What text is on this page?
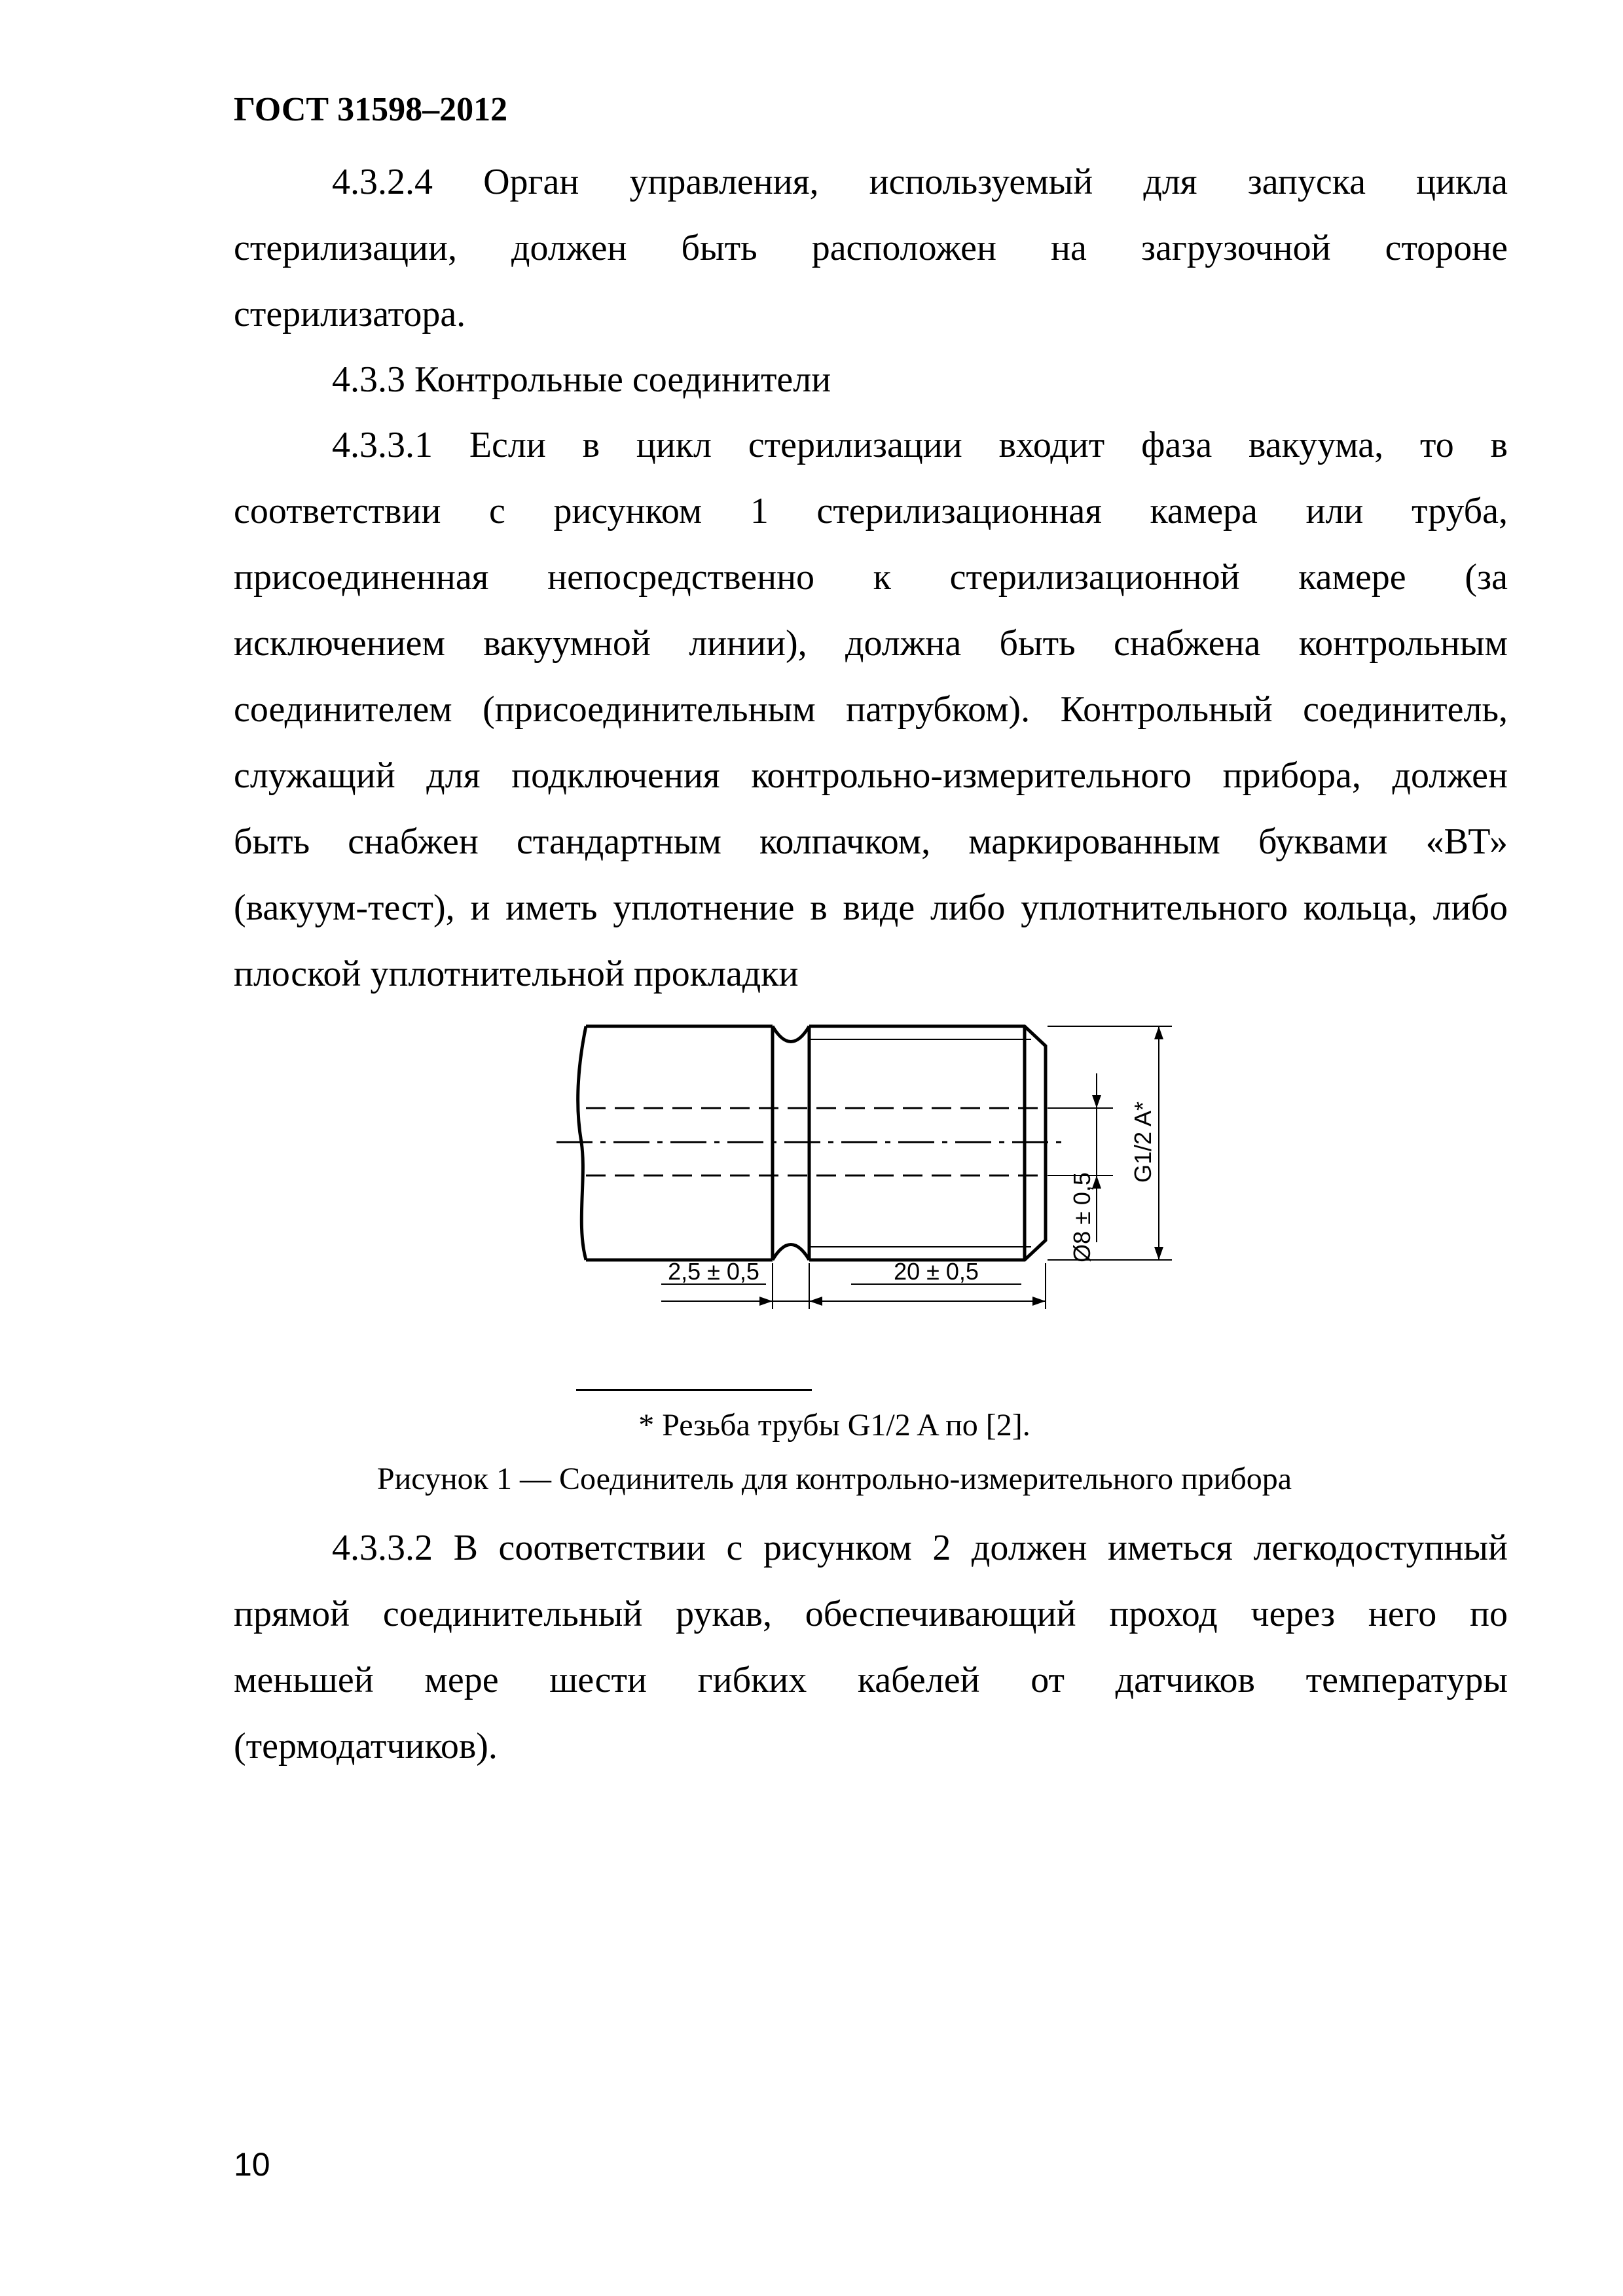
ГОСТ 31598–2012
4.3.2.4 Орган управления, используемый для запуска цикла
стерилизации, должен быть расположен на загрузочной стороне
стерилизатора.
4.3.3 Контрольные соединители
4.3.3.1 Если в цикл стерилизации входит фаза вакуума, то в
соответствии с рисунком 1 стерилизационная камера или труба,
присоединенная непосредственно к стерилизационной камере (за
исключением вакуумной линии), должна быть снабжена контрольным
соединителем (присоединительным патрубком). Контрольный соединитель,
служащий для подключения контрольно-измерительного прибора, должен
быть снабжен стандартным колпачком, маркированным буквами «ВТ»
(вакуум-тест), и иметь уплотнение в виде либо уплотнительного кольца, либо
плоской уплотнительной прокладки
2,5 ± 0,5	20 ± 0,5
Ø8 ± 0,5
G1/2 A*
* Резьба трубы G1/2 A по [2].
Рисунок 1 — Соединитель для контрольно-измерительного прибора
4.3.3.2 В соответствии с рисунком 2 должен иметься легкодоступный
прямой соединительный рукав, обеспечивающий проход через него по
меньшей мере шести гибких кабелей от датчиков температуры
(термодатчиков).
10
